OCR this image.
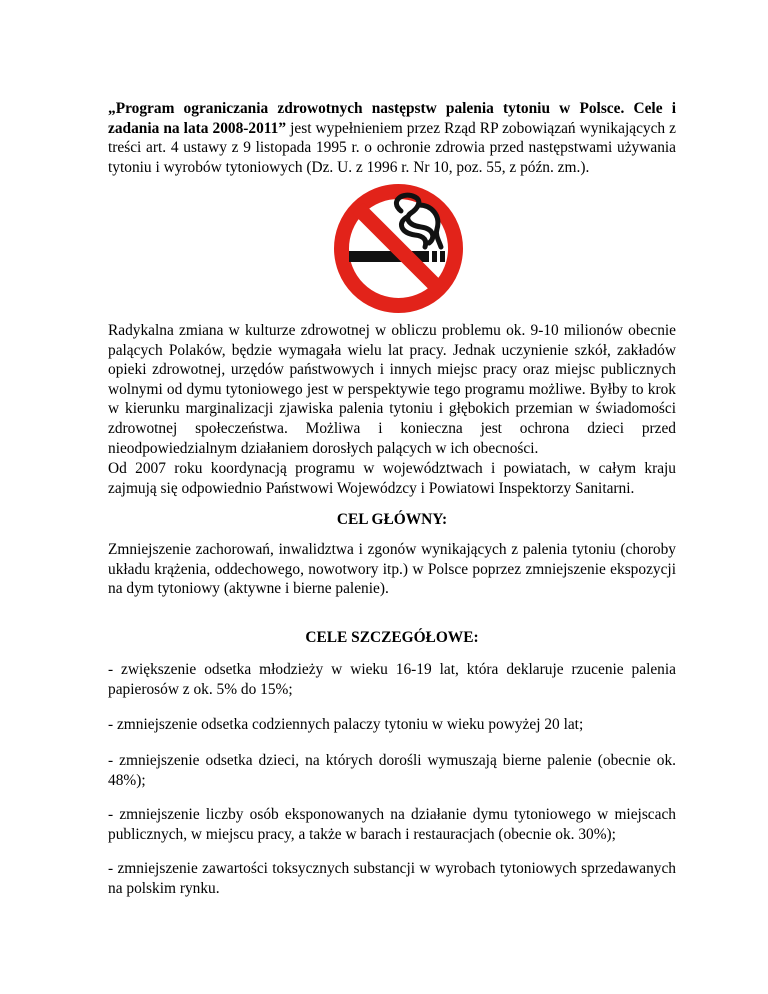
„Program ograniczania zdrowotnych następstw palenia tytoniu w Polsce. Cele i zadania na lata 2008-2011” jest wypełnieniem przez Rząd RP zobowiązań wynikających z treści art. 4 ustawy z 9 listopada 1995 r. o ochronie zdrowia przed następstwami używania tytoniu i wyrobów tytoniowych (Dz. U. z 1996 r. Nr 10, poz. 55, z późn. zm.).

Radykalna zmiana w kulturze zdrowotnej w obliczu problemu ok. 9-10 milionów obecnie palących Polaków, będzie wymagała wielu lat pracy. Jednak uczynienie szkół, zakładów opieki zdrowotnej, urzędów państwowych i innych miejsc pracy oraz miejsc publicznych wolnymi od dymu tytoniowego jest w perspektywie tego programu możliwe. Byłby to krok w kierunku marginalizacji zjawiska palenia tytoniu i głębokich przemian w świadomości zdrowotnej społeczeństwa. Możliwa i konieczna jest ochrona dzieci przed nieodpowiedzialnym działaniem dorosłych palących w ich obecności.

Od 2007 roku koordynacją programu w województwach i powiatach, w całym kraju zajmują się odpowiednio Państwowi Wojewódzcy i Powiatowi Inspektorzy Sanitarni.

CEL GŁÓWNY:

Zmniejszenie zachorowań, inwalidztwa i zgonów wynikających z palenia tytoniu (choroby układu krążenia, oddechowego, nowotwory itp.) w Polsce poprzez zmniejszenie ekspozycji na dym tytoniowy (aktywne i bierne palenie).

CELE SZCZEGÓŁOWE:

- zwiększenie odsetka młodzieży w wieku 16-19 lat, która deklaruje rzucenie palenia papierosów z ok. 5% do 15%;

- zmniejszenie odsetka codziennych palaczy tytoniu w wieku powyżej 20 lat;

- zmniejszenie odsetka dzieci, na których dorośli wymuszają bierne palenie (obecnie ok. 48%);

- zmniejszenie liczby osób eksponowanych na działanie dymu tytoniowego w miejscach publicznych, w miejscu pracy, a także w barach i restauracjach (obecnie ok. 30%);

- zmniejszenie zawartości toksycznych substancji w wyrobach tytoniowych sprzedawanych na polskim rynku.
